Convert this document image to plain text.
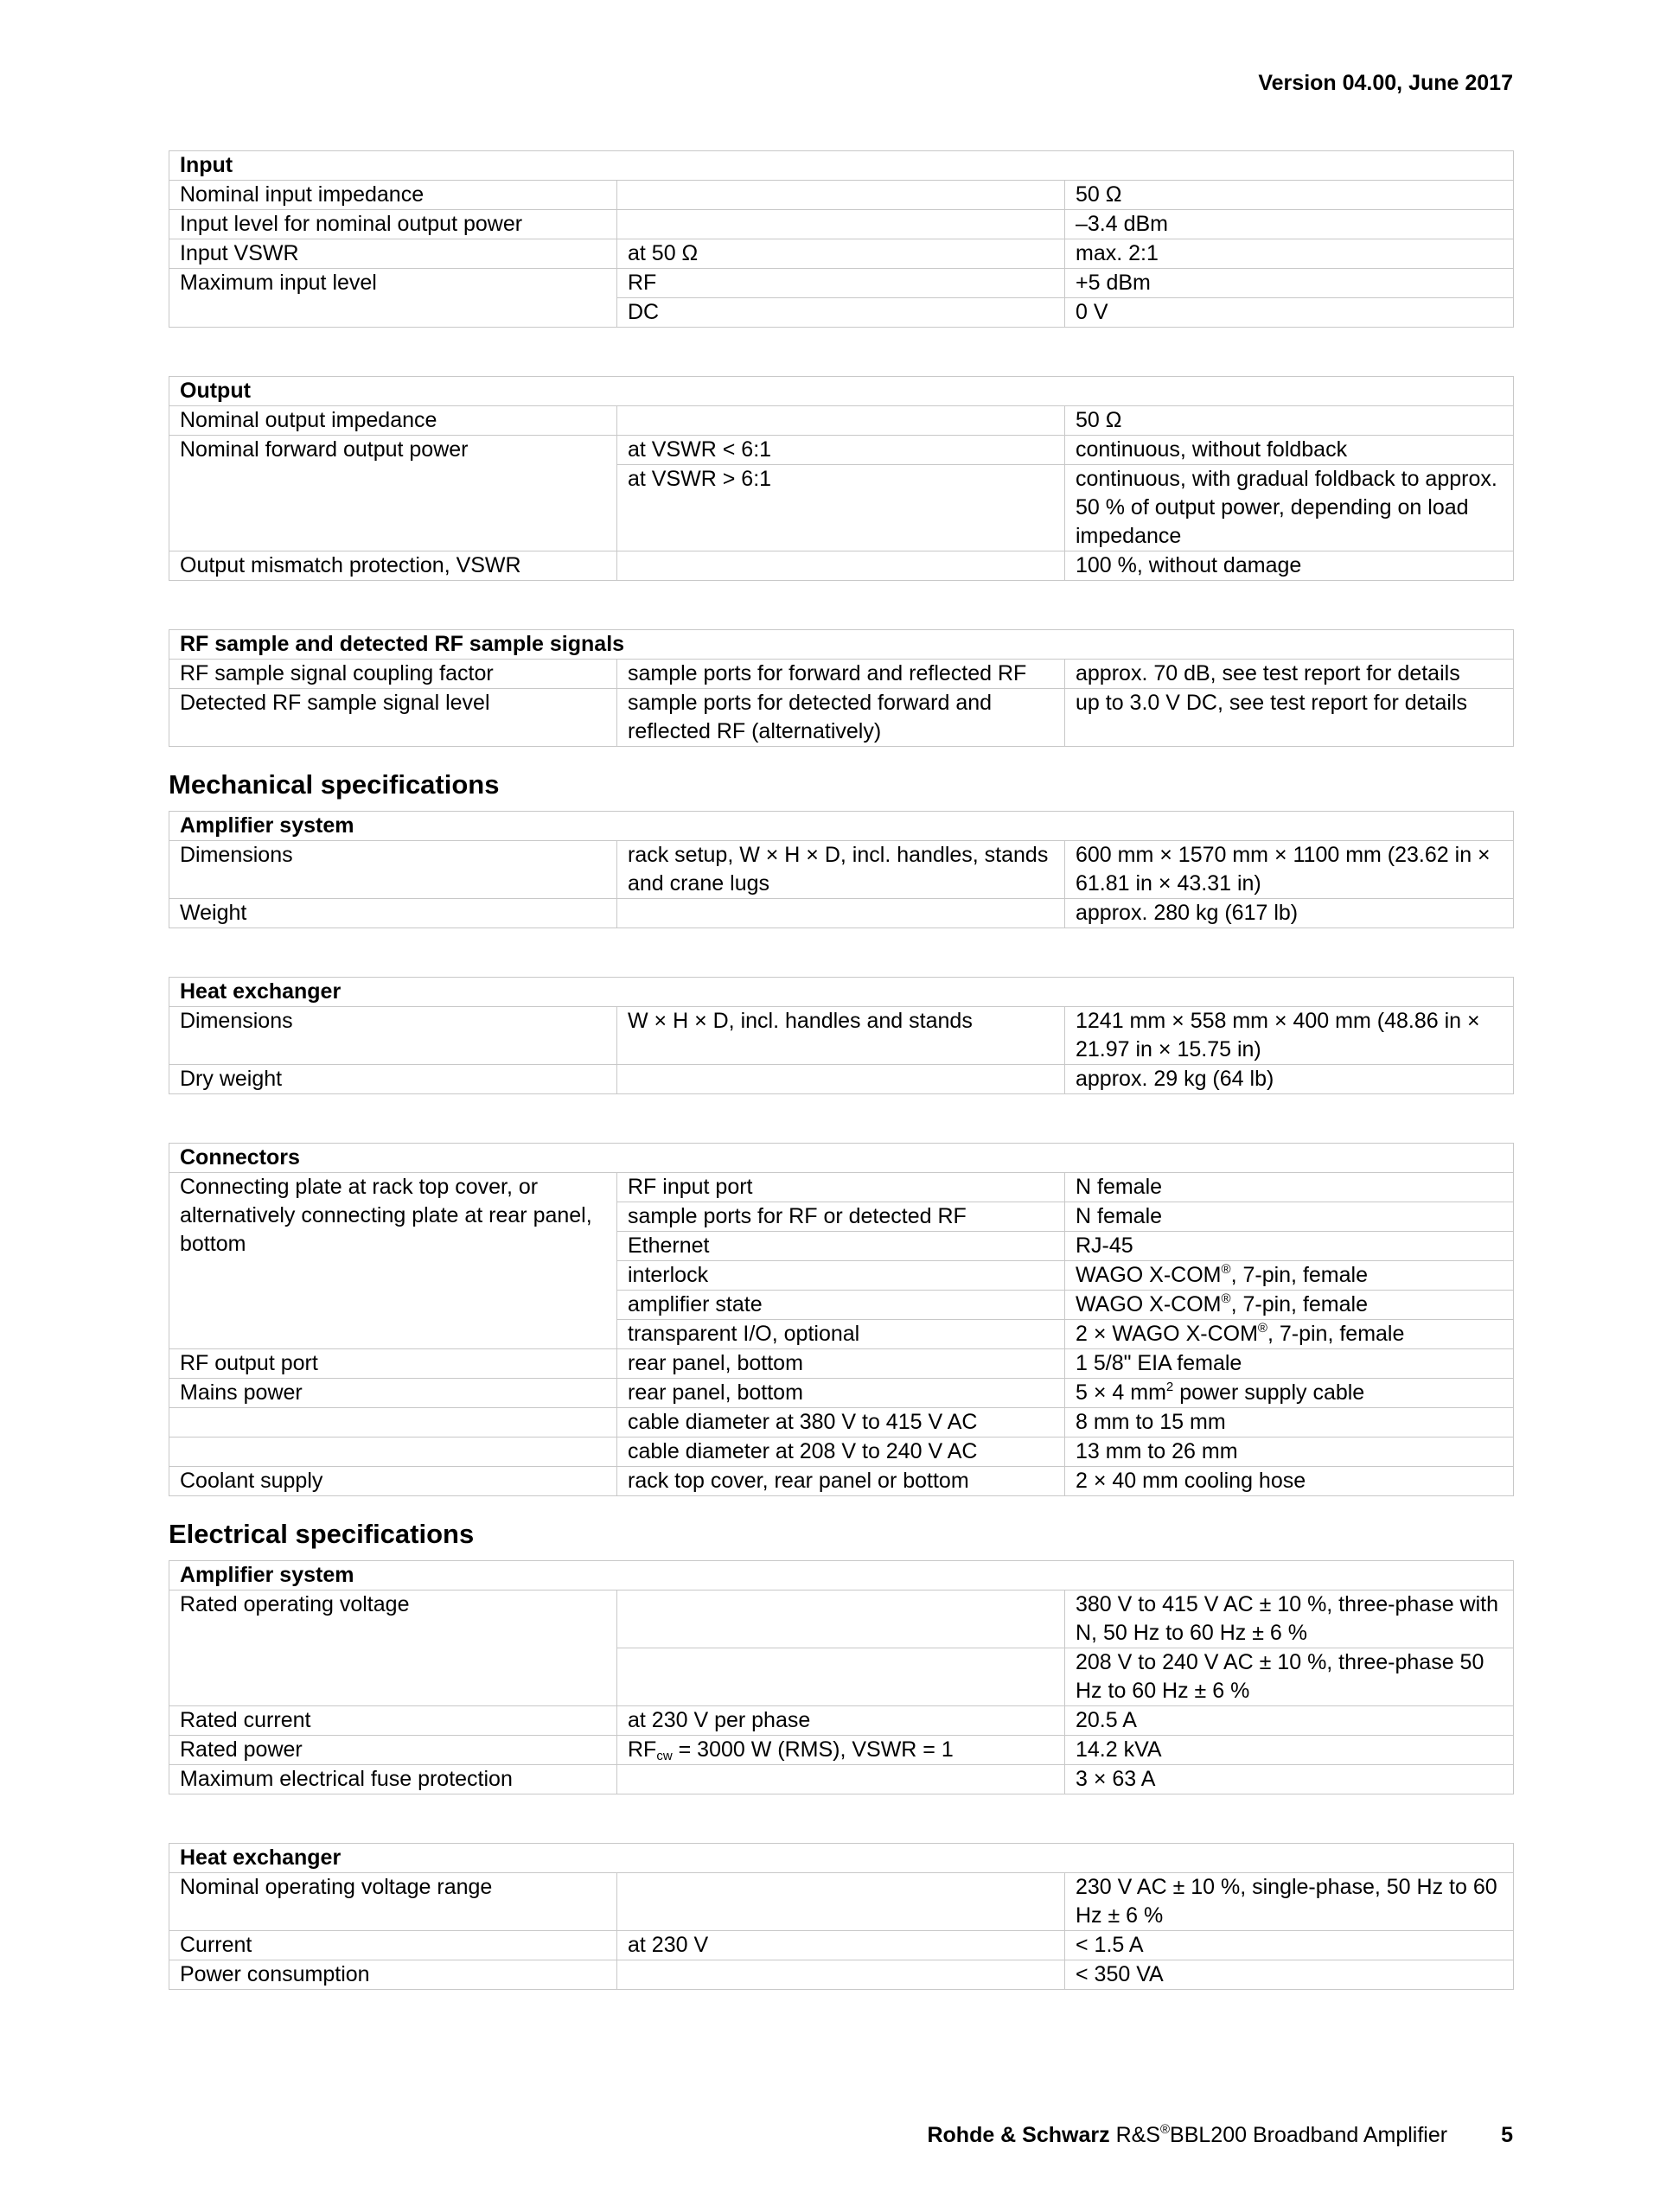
Version 04.00, June 2017
Input		
Nominal input impedance		50 Ω
Input level for nominal output power		–3.4 dBm
Input VSWR	at 50 Ω	max. 2:1
Maximum input level	RF	+5 dBm
	DC	0 V
Output		
Nominal output impedance		50 Ω
Nominal forward output power	at VSWR < 6:1	continuous, without foldback
	at VSWR > 6:1	continuous, with gradual foldback to approx. 50 % of output power, depending on load impedance
Output mismatch protection, VSWR		100 %, without damage
RF sample and detected RF sample signals		
RF sample signal coupling factor	sample ports for forward and reflected RF	approx. 70 dB, see test report for details
Detected RF sample signal level	sample ports for detected forward and reflected RF (alternatively)	up to 3.0 V DC, see test report for details
Mechanical specifications
Amplifier system		
Dimensions	rack setup, W × H × D, incl. handles, stands and crane lugs	600 mm × 1570 mm × 1100 mm (23.62 in × 61.81 in × 43.31 in)
Weight		approx. 280 kg (617 lb)
Heat exchanger		
Dimensions	W × H × D, incl. handles and stands	1241 mm × 558 mm × 400 mm (48.86 in × 21.97 in × 15.75 in)
Dry weight		approx. 29 kg (64 lb)
Connectors		
Connecting plate at rack top cover, or alternatively connecting plate at rear panel, bottom	RF input port	N female
	sample ports for RF or detected RF	N female
	Ethernet	RJ-45
	interlock	WAGO X-COM®, 7-pin, female
	amplifier state	WAGO X-COM®, 7-pin, female
	transparent I/O, optional	2 × WAGO X-COM®, 7-pin, female
RF output port	rear panel, bottom	1 5/8" EIA female
Mains power	rear panel, bottom	5 × 4 $mm^2$ power supply cable
	cable diameter at 380 V to 415 V AC	8 mm to 15 mm
	cable diameter at 208 V to 240 V AC	13 mm to 26 mm
Coolant supply	rack top cover, rear panel or bottom	2 × 40 mm cooling hose
Electrical specifications
Amplifier system		
Rated operating voltage		380 V to 415 V AC ± 10 %, three-phase with N, 50 Hz to 60 Hz ± 6 %
		208 V to 240 V AC ± 10 %, three-phase 50 Hz to 60 Hz ± 6 %
Rated current	at 230 V per phase	20.5 A
Rated power	$RF_{cw} = 3000$ W (RMS), VSWR = 1	14.2 kVA
Maximum electrical fuse protection		3 × 63 A
Heat exchanger		
Nominal operating voltage range		230 V AC ± 10 %, single-phase, 50 Hz to 60 Hz ± 6 %
Current	at 230 V	< 1.5 A
Power consumption		< 350 VA
Rohde & Schwarz R&S®BBL200 Broadband Amplifier 5
